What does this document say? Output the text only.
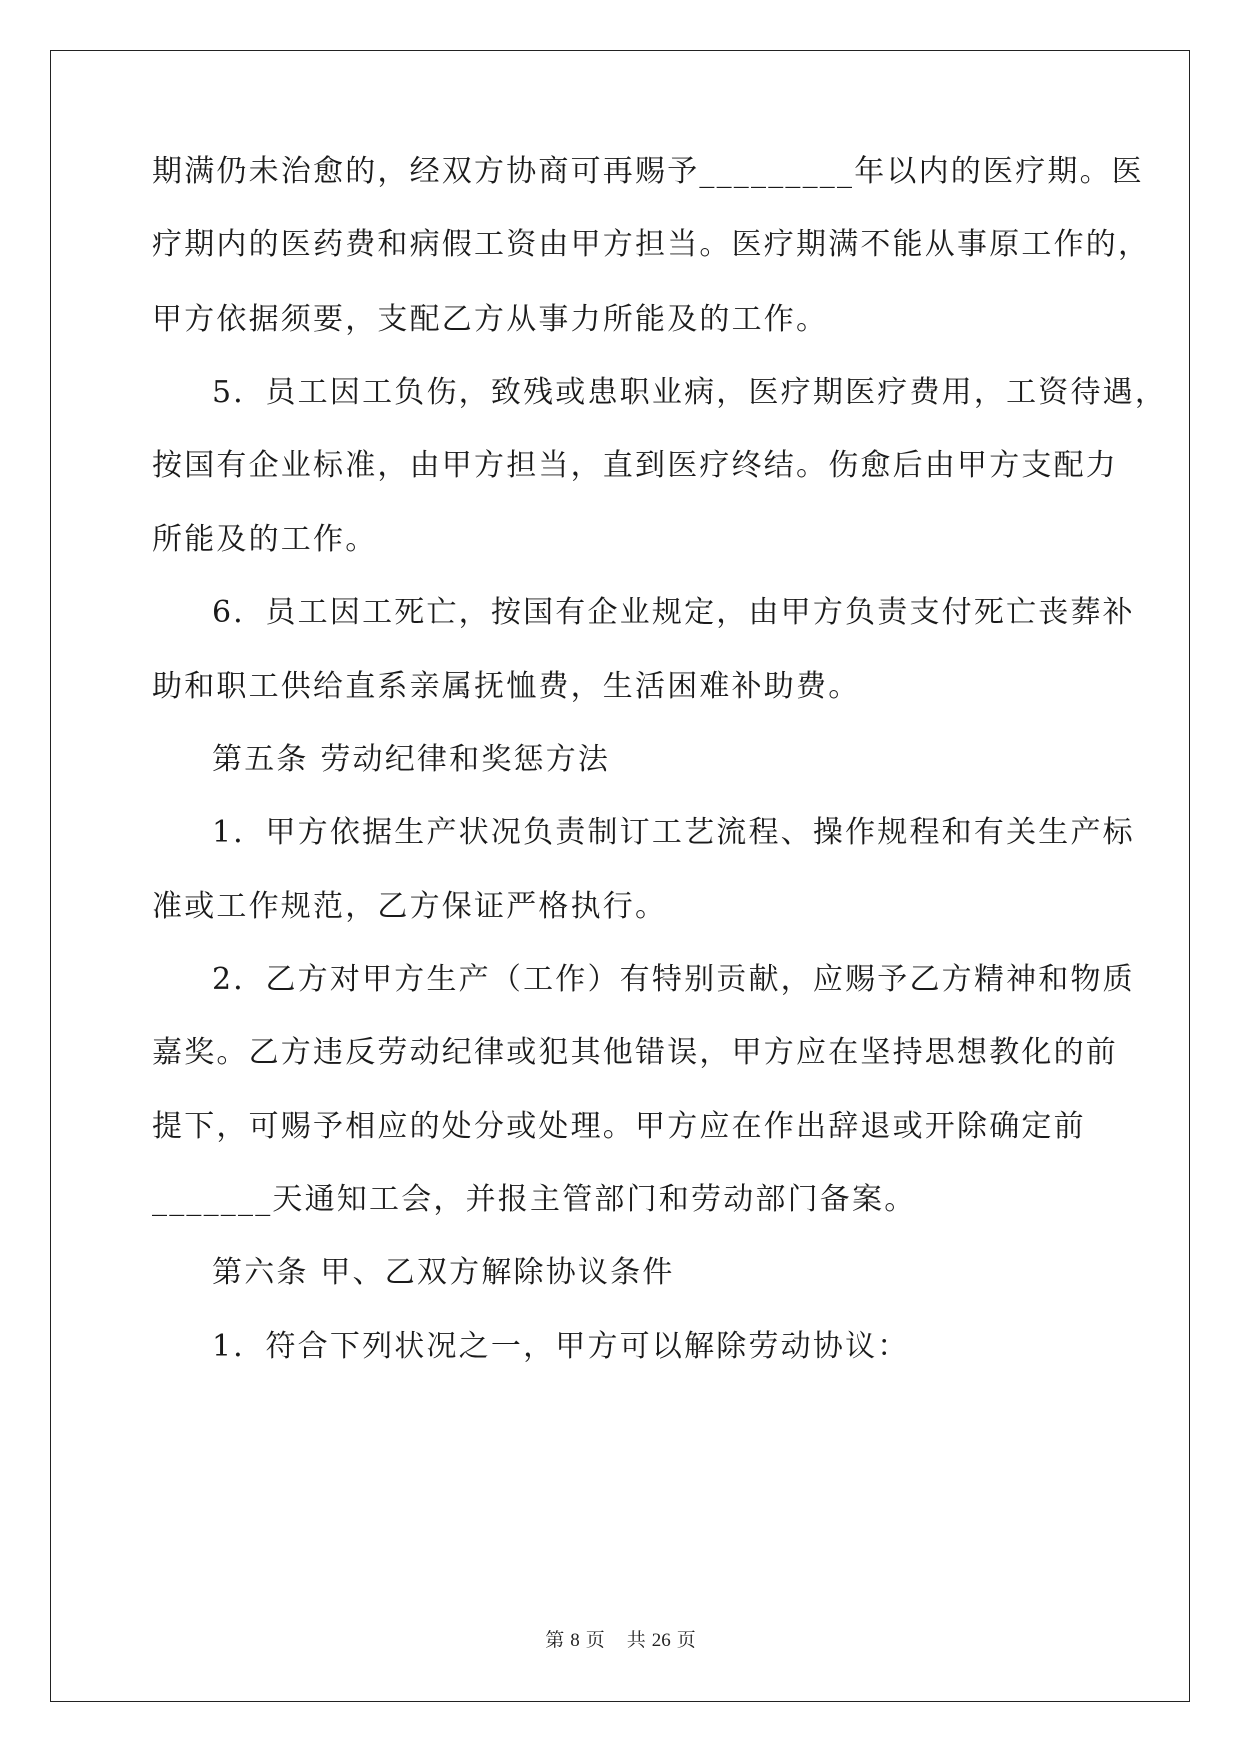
期满仍未治愈的，经双方协商可再赐予_________年以内的医疗期。医
疗期内的医药费和病假工资由甲方担当。医疗期满不能从事原工作的，
甲方依据须要，支配乙方从事力所能及的工作。
5．员工因工负伤，致残或患职业病，医疗期医疗费用，工资待遇，
按国有企业标准，由甲方担当，直到医疗终结。伤愈后由甲方支配力
所能及的工作。
6．员工因工死亡，按国有企业规定，由甲方负责支付死亡丧葬补
助和职工供给直系亲属抚恤费，生活困难补助费。
第五条 劳动纪律和奖惩方法
1．甲方依据生产状况负责制订工艺流程、操作规程和有关生产标
准或工作规范，乙方保证严格执行。
2．乙方对甲方生产（工作）有特别贡献，应赐予乙方精神和物质
嘉奖。乙方违反劳动纪律或犯其他错误，甲方应在坚持思想教化的前
提下，可赐予相应的处分或处理。甲方应在作出辞退或开除确定前
_______天通知工会，并报主管部门和劳动部门备案。
第六条 甲、乙双方解除协议条件
1．符合下列状况之一，甲方可以解除劳动协议：
第 8 页 共 26 页
